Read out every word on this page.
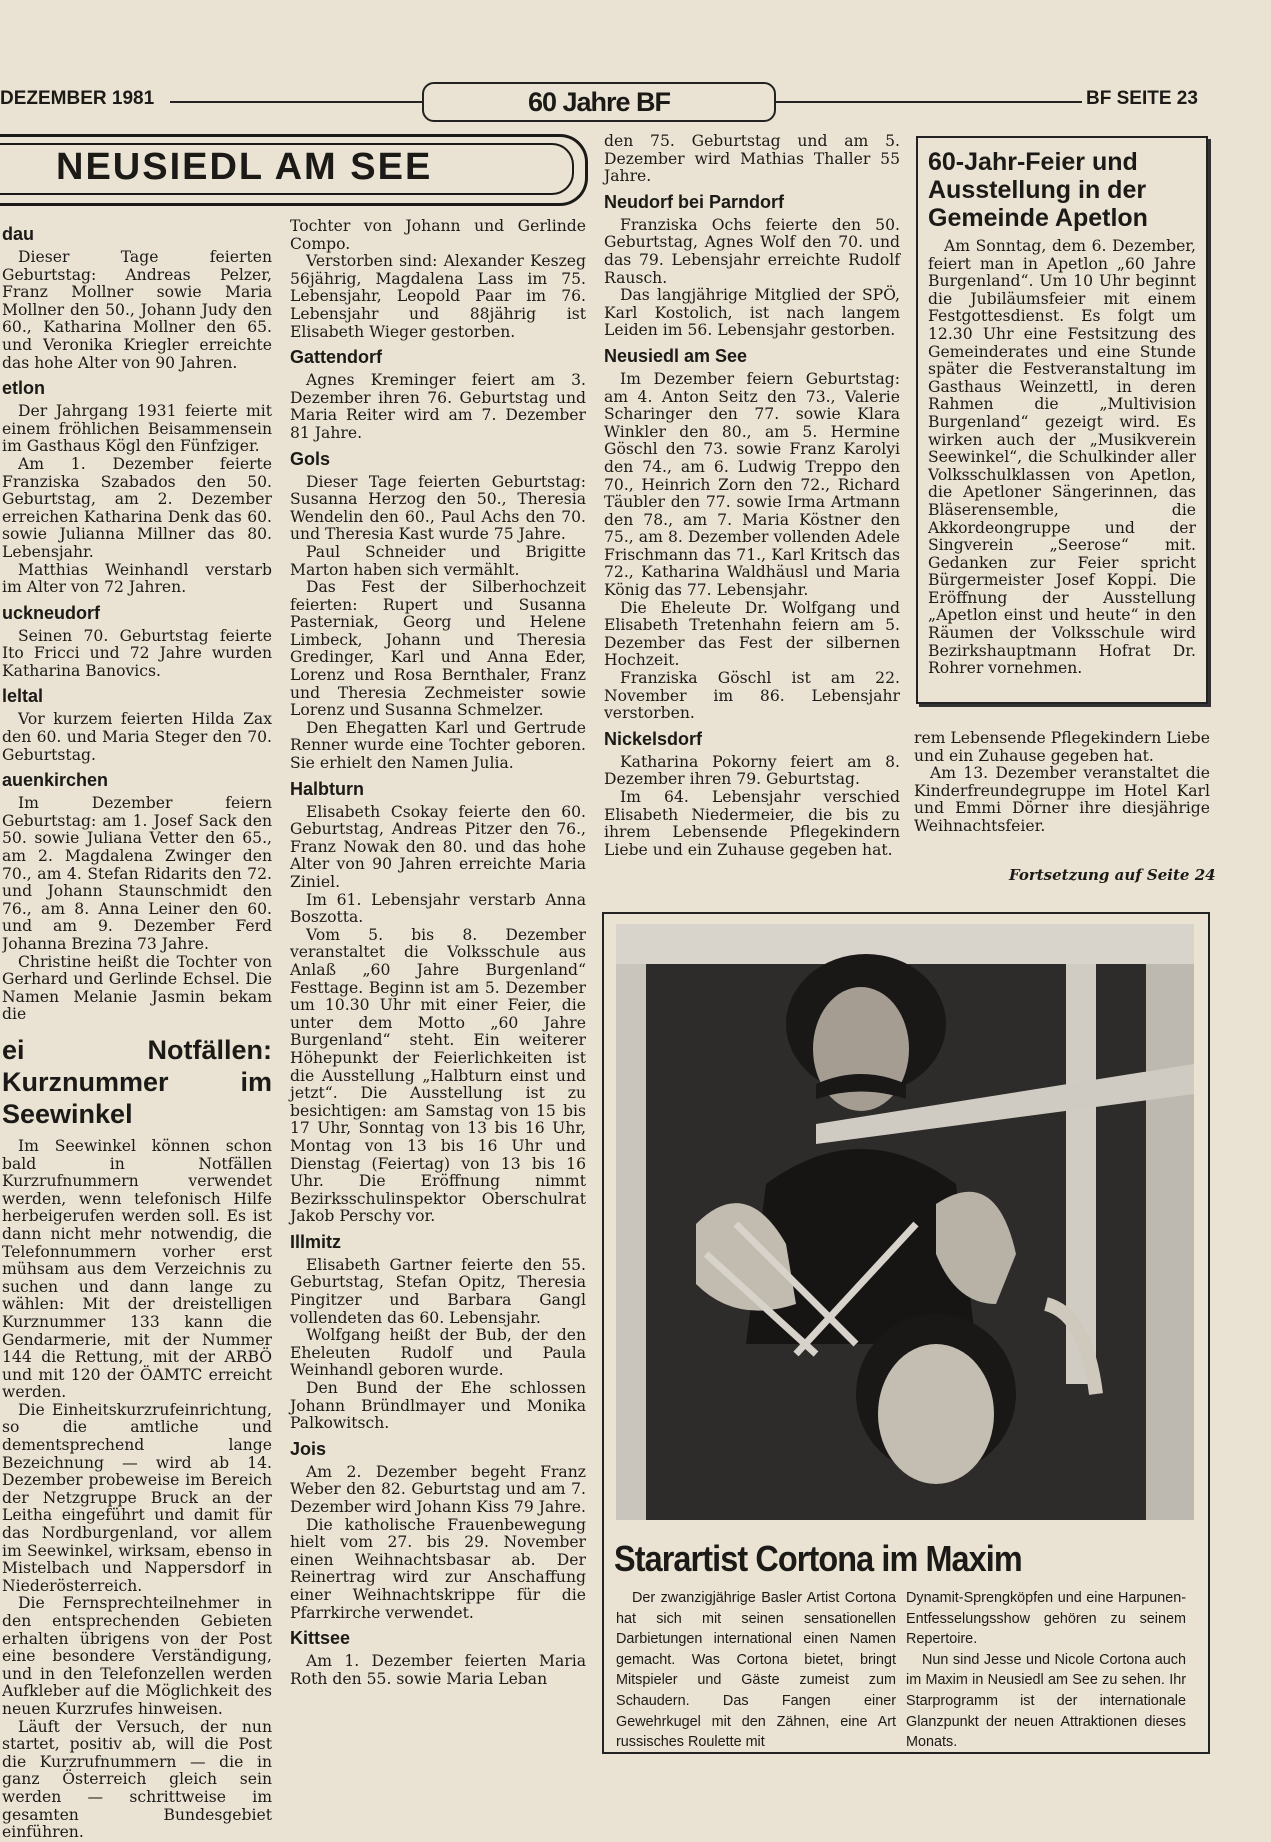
DEZEMBER 1981	60 Jahre BF	BF SEITE 23
NEUSIEDL AM SEE
dau

Dieser Tage feierten Geburtstag: Andreas Pelzer, Franz Mollner sowie Maria Mollner den 50., Johann Judy den 60., Katharina Mollner den 65. und Veronika Kriegler erreichte das hohe Alter von 90 Jahren.

etlon

Der Jahrgang 1931 feierte mit einem fröhlichen Beisammensein im Gasthaus Kögl den Fünfziger.

Am 1. Dezember feierte Franziska Szabados den 50. Geburtstag, am 2. Dezember erreichen Katharina Denk das 60. sowie Julianna Millner das 80. Lebensjahr.

Matthias Weinhandl verstarb im Alter von 72 Jahren.

uckneudorf

Seinen 70. Geburtstag feierte Ito Fricci und 72 Jahre wurden Katharina Banovics.

leltal

Vor kurzem feierten Hilda Zax den 60. und Maria Steger den 70. Geburtstag.

auenkirchen

Im Dezember feiern Geburtstag: am 1. Josef Sack den 50. sowie Juliana Vetter den 65., am 2. Magdalena Zwinger den 70., am 4. Stefan Ridarits den 72. und Johann Staunschmidt den 76., am 8. Anna Leiner den 60. und am 9. Dezember Ferd Johanna Brezina 73 Jahre.

Christine heißt die Tochter von Gerhard und Gerlinde Echsel. Die Namen Melanie Jasmin bekam die

ei Notfällen: Kurznummer im Seewinkel

Im Seewinkel können schon bald in Notfällen Kurzrufnummern verwendet werden, wenn telefonisch Hilfe herbeigerufen werden soll. Es ist dann nicht mehr notwendig, die Telefonnummern vorher erst mühsam aus dem Verzeichnis zu suchen und dann lange zu wählen: Mit der dreistelligen Kurznummer 133 kann die Gendarmerie, mit der Nummer 144 die Rettung, mit der ARBÖ und mit 120 der ÖAMTC erreicht werden.

Die Einheitskurzrufeinrichtung, so die amtliche und dementsprechend lange Bezeichnung — wird ab 14. Dezember probeweise im Bereich der Netzgruppe Bruck an der Leitha eingeführt und damit für das Nordburgenland, vor allem im Seewinkel, wirksam, ebenso in Mistelbach und Nappersdorf in Niederösterreich.

Die Fernsprechteilnehmer in den entsprechenden Gebieten erhalten übrigens von der Post eine besondere Verständigung, und in den Telefonzellen werden Aufkleber auf die Möglichkeit des neuen Kurzrufes hinweisen.

Läuft der Versuch, der nun startet, positiv ab, will die Post die Kurzrufnummern — die in ganz Österreich gleich sein werden — schrittweise im gesamten Bundesgebiet einführen.

Tochter von Johann und Gerlinde Compo.

Verstorben sind: Alexander Keszeg 56jährig, Magdalena Lass im 75. Lebensjahr, Leopold Paar im 76. Lebensjahr und 88jährig ist Elisabeth Wieger gestorben.

Gattendorf

Agnes Kreminger feiert am 3. Dezember ihren 76. Geburtstag und Maria Reiter wird am 7. Dezember 81 Jahre.

Gols

Dieser Tage feierten Geburtstag: Susanna Herzog den 50., Theresia Wendelin den 60., Paul Achs den 70. und Theresia Kast wurde 75 Jahre.

Paul Schneider und Brigitte Marton haben sich vermählt.

Das Fest der Silberhochzeit feierten: Rupert und Susanna Pasterniak, Georg und Helene Limbeck, Johann und Theresia Gredinger, Karl und Anna Eder, Lorenz und Rosa Bernthaler, Franz und Theresia Zechmeister sowie Lorenz und Susanna Schmelzer.

Den Ehegatten Karl und Gertrude Renner wurde eine Tochter geboren. Sie erhielt den Namen Julia.

Halbturn

Elisabeth Csokay feierte den 60. Geburtstag, Andreas Pitzer den 76., Franz Nowak den 80. und das hohe Alter von 90 Jahren erreichte Maria Ziniel.

Im 61. Lebensjahr verstarb Anna Boszotta.

Vom 5. bis 8. Dezember veranstaltet die Volksschule aus Anlaß „60 Jahre Burgenland“ Festtage. Beginn ist am 5. Dezember um 10.30 Uhr mit einer Feier, die unter dem Motto „60 Jahre Burgenland“ steht. Ein weiterer Höhepunkt der Feierlichkeiten ist die Ausstellung „Halbturn einst und jetzt“. Die Ausstellung ist zu besichtigen: am Samstag von 15 bis 17 Uhr, Sonntag von 13 bis 16 Uhr, Montag von 13 bis 16 Uhr und Dienstag (Feiertag) von 13 bis 16 Uhr. Die Eröffnung nimmt Bezirksschulinspektor Oberschulrat Jakob Perschy vor.

Illmitz

Elisabeth Gartner feierte den 55. Geburtstag, Stefan Opitz, Theresia Pingitzer und Barbara Gangl vollendeten das 60. Lebensjahr.

Wolfgang heißt der Bub, der den Eheleuten Rudolf und Paula Weinhandl geboren wurde.

Den Bund der Ehe schlossen Johann Bründlmayer und Monika Palkowitsch.

Jois

Am 2. Dezember begeht Franz Weber den 82. Geburtstag und am 7. Dezember wird Johann Kiss 79 Jahre.

Die katholische Frauenbewegung hielt vom 27. bis 29. November einen Weihnachtsbasar ab. Der Reinertrag wird zur Anschaffung einer Weihnachtskrippe für die Pfarrkirche verwendet.

Kittsee

Am 1. Dezember feierten Maria Roth den 55. sowie Maria Leban

den 75. Geburtstag und am 5. Dezember wird Mathias Thaller 55 Jahre.

Neudorf bei Parndorf

Franziska Ochs feierte den 50. Geburtstag, Agnes Wolf den 70. und das 79. Lebensjahr erreichte Rudolf Rausch.

Das langjährige Mitglied der SPÖ, Karl Kostolich, ist nach langem Leiden im 56. Lebensjahr gestorben.

Neusiedl am See

Im Dezember feiern Geburtstag: am 4. Anton Seitz den 73., Valerie Scharinger den 77. sowie Klara Winkler den 80., am 5. Hermine Göschl den 73. sowie Franz Karolyi den 74., am 6. Ludwig Treppo den 70., Heinrich Zorn den 72., Richard Täubler den 77. sowie Irma Artmann den 78., am 7. Maria Köstner den 75., am 8. Dezember vollenden Adele Frischmann das 71., Karl Kritsch das 72., Katharina Waldhäusl und Maria König das 77. Lebensjahr.

Die Eheleute Dr. Wolfgang und Elisabeth Tretenhahn feiern am 5. Dezember das Fest der silbernen Hochzeit.

Franziska Göschl ist am 22. November im 86. Lebensjahr verstorben.

Nickelsdorf

Katharina Pokorny feiert am 8. Dezember ihren 79. Geburtstag.

Im 64. Lebensjahr verschied Elisabeth Niedermeier, die bis zu ihrem Lebensende Pflegekindern Liebe und ein Zuhause gegeben hat.

60-Jahr-Feier und Ausstellung in der Gemeinde Apetlon

Am Sonntag, dem 6. Dezember, feiert man in Apetlon „60 Jahre Burgenland“. Um 10 Uhr beginnt die Jubiläumsfeier mit einem Festgottesdienst. Es folgt um 12.30 Uhr eine Festsitzung des Gemeinderates und eine Stunde später die Festveranstaltung im Gasthaus Weinzettl, in deren Rahmen die „Multivision Burgenland“ gezeigt wird. Es wirken auch der „Musikverein Seewinkel“, die Schulkinder aller Volksschulklassen von Apetlon, die Apetloner Sängerinnen, das Bläserensemble, die Akkordeongruppe und der Singverein „Seerose“ mit. Gedanken zur Feier spricht Bürgermeister Josef Koppi. Die Eröffnung der Ausstellung „Apetlon einst und heute“ in den Räumen der Volksschule wird Bezirkshauptmann Hofrat Dr. Rohrer vornehmen.

rem Lebensende Pflegekindern Liebe und ein Zuhause gegeben hat.

Am 13. Dezember veranstaltet die Kinderfreundegruppe im Hotel Karl und Emmi Dörner ihre diesjährige Weihnachtsfeier.

Fortsetzung auf Seite 24
Starartist Cortona im Maxim

Der zwanzigjährige Basler Artist Cortona hat sich mit seinen sensationellen Darbietungen international einen Namen gemacht. Was Cortona bietet, bringt Mitspieler und Gäste zumeist zum Schaudern. Das Fangen einer Gewehrkugel mit den Zähnen, eine Art russisches Roulette mit

Dynamit-Sprengköpfen und eine Harpunen-Entfesselungsshow gehören zu seinem Repertoire.

Nun sind Jesse und Nicole Cortona auch im Maxim in Neusiedl am See zu sehen. Ihr Starprogramm ist der internationale Glanzpunkt der neuen Attraktionen dieses Monats.
